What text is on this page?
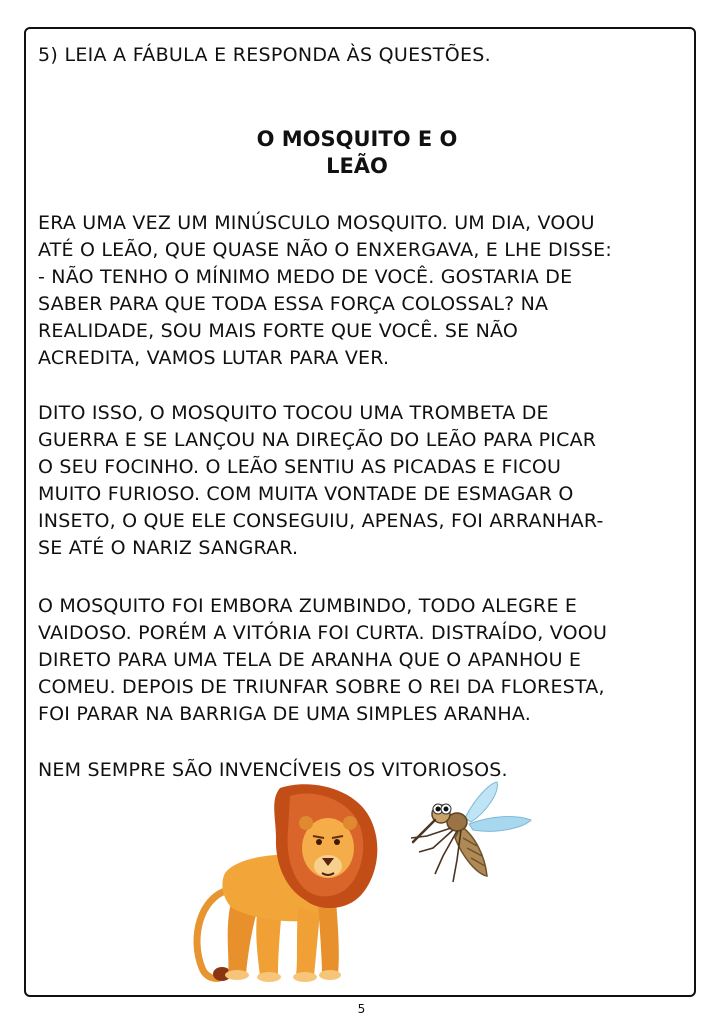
5) LEIA A FÁBULA E RESPONDA ÀS QUESTÕES.
O MOSQUITO E O
LEÃO
ERA UMA VEZ UM MINÚSCULO MOSQUITO. UM DIA, VOOU
ATÉ O LEÃO, QUE QUASE NÃO O ENXERGAVA, E LHE DISSE:
- NÃO TENHO O MÍNIMO MEDO DE VOCÊ. GOSTARIA DE
SABER PARA QUE TODA ESSA FORÇA COLOSSAL? NA
REALIDADE, SOU MAIS FORTE QUE VOCÊ. SE NÃO
ACREDITA, VAMOS LUTAR PARA VER.
DITO ISSO, O MOSQUITO TOCOU UMA TROMBETA DE
GUERRA E SE LANÇOU NA DIREÇÃO DO LEÃO PARA PICAR
O SEU FOCINHO. O LEÃO SENTIU AS PICADAS E FICOU
MUITO FURIOSO. COM MUITA VONTADE DE ESMAGAR O
INSETO, O QUE ELE CONSEGUIU, APENAS, FOI ARRANHAR-
SE ATÉ O NARIZ SANGRAR.
O MOSQUITO FOI EMBORA ZUMBINDO, TODO ALEGRE E
VAIDOSO. PORÉM A VITÓRIA FOI CURTA. DISTRAÍDO, VOOU
DIRETO PARA UMA TELA DE ARANHA QUE O APANHOU E
COMEU. DEPOIS DE TRIUNFAR SOBRE O REI DA FLORESTA,
FOI PARAR NA BARRIGA DE UMA SIMPLES ARANHA.
NEM SEMPRE SÃO INVENCÍVEIS OS VITORIOSOS.
5
